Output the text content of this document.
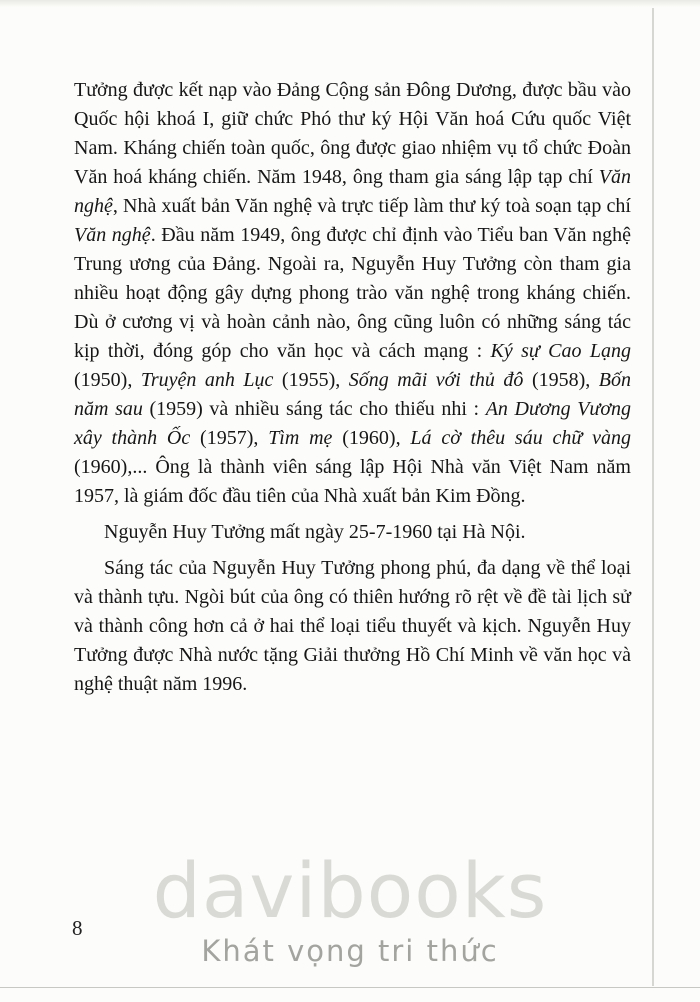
Tưởng được kết nạp vào Đảng Cộng sản Đông Dương, được bầu vào Quốc hội khoá I, giữ chức Phó thư ký Hội Văn hoá Cứu quốc Việt Nam. Kháng chiến toàn quốc, ông được giao nhiệm vụ tổ chức Đoàn Văn hoá kháng chiến. Năm 1948, ông tham gia sáng lập tạp chí Văn nghệ, Nhà xuất bản Văn nghệ và trực tiếp làm thư ký toà soạn tạp chí Văn nghệ. Đầu năm 1949, ông được chỉ định vào Tiểu ban Văn nghệ Trung ương của Đảng. Ngoài ra, Nguyễn Huy Tưởng còn tham gia nhiều hoạt động gây dựng phong trào văn nghệ trong kháng chiến. Dù ở cương vị và hoàn cảnh nào, ông cũng luôn có những sáng tác kịp thời, đóng góp cho văn học và cách mạng : Ký sự Cao Lạng (1950), Truyện anh Lục (1955), Sống mãi với thủ đô (1958), Bốn năm sau (1959) và nhiều sáng tác cho thiếu nhi : An Dương Vương xây thành Ốc (1957), Tìm mẹ (1960), Lá cờ thêu sáu chữ vàng (1960),... Ông là thành viên sáng lập Hội Nhà văn Việt Nam năm 1957, là giám đốc đầu tiên của Nhà xuất bản Kim Đồng.

Nguyễn Huy Tưởng mất ngày 25-7-1960 tại Hà Nội.

Sáng tác của Nguyễn Huy Tưởng phong phú, đa dạng về thể loại và thành tựu. Ngòi bút của ông có thiên hướng rõ rệt về đề tài lịch sử và thành công hơn cả ở hai thể loại tiểu thuyết và kịch. Nguyễn Huy Tưởng được Nhà nước tặng Giải thưởng Hồ Chí Minh về văn học và nghệ thuật năm 1996.

davibooks
Khát vọng tri thức
8
